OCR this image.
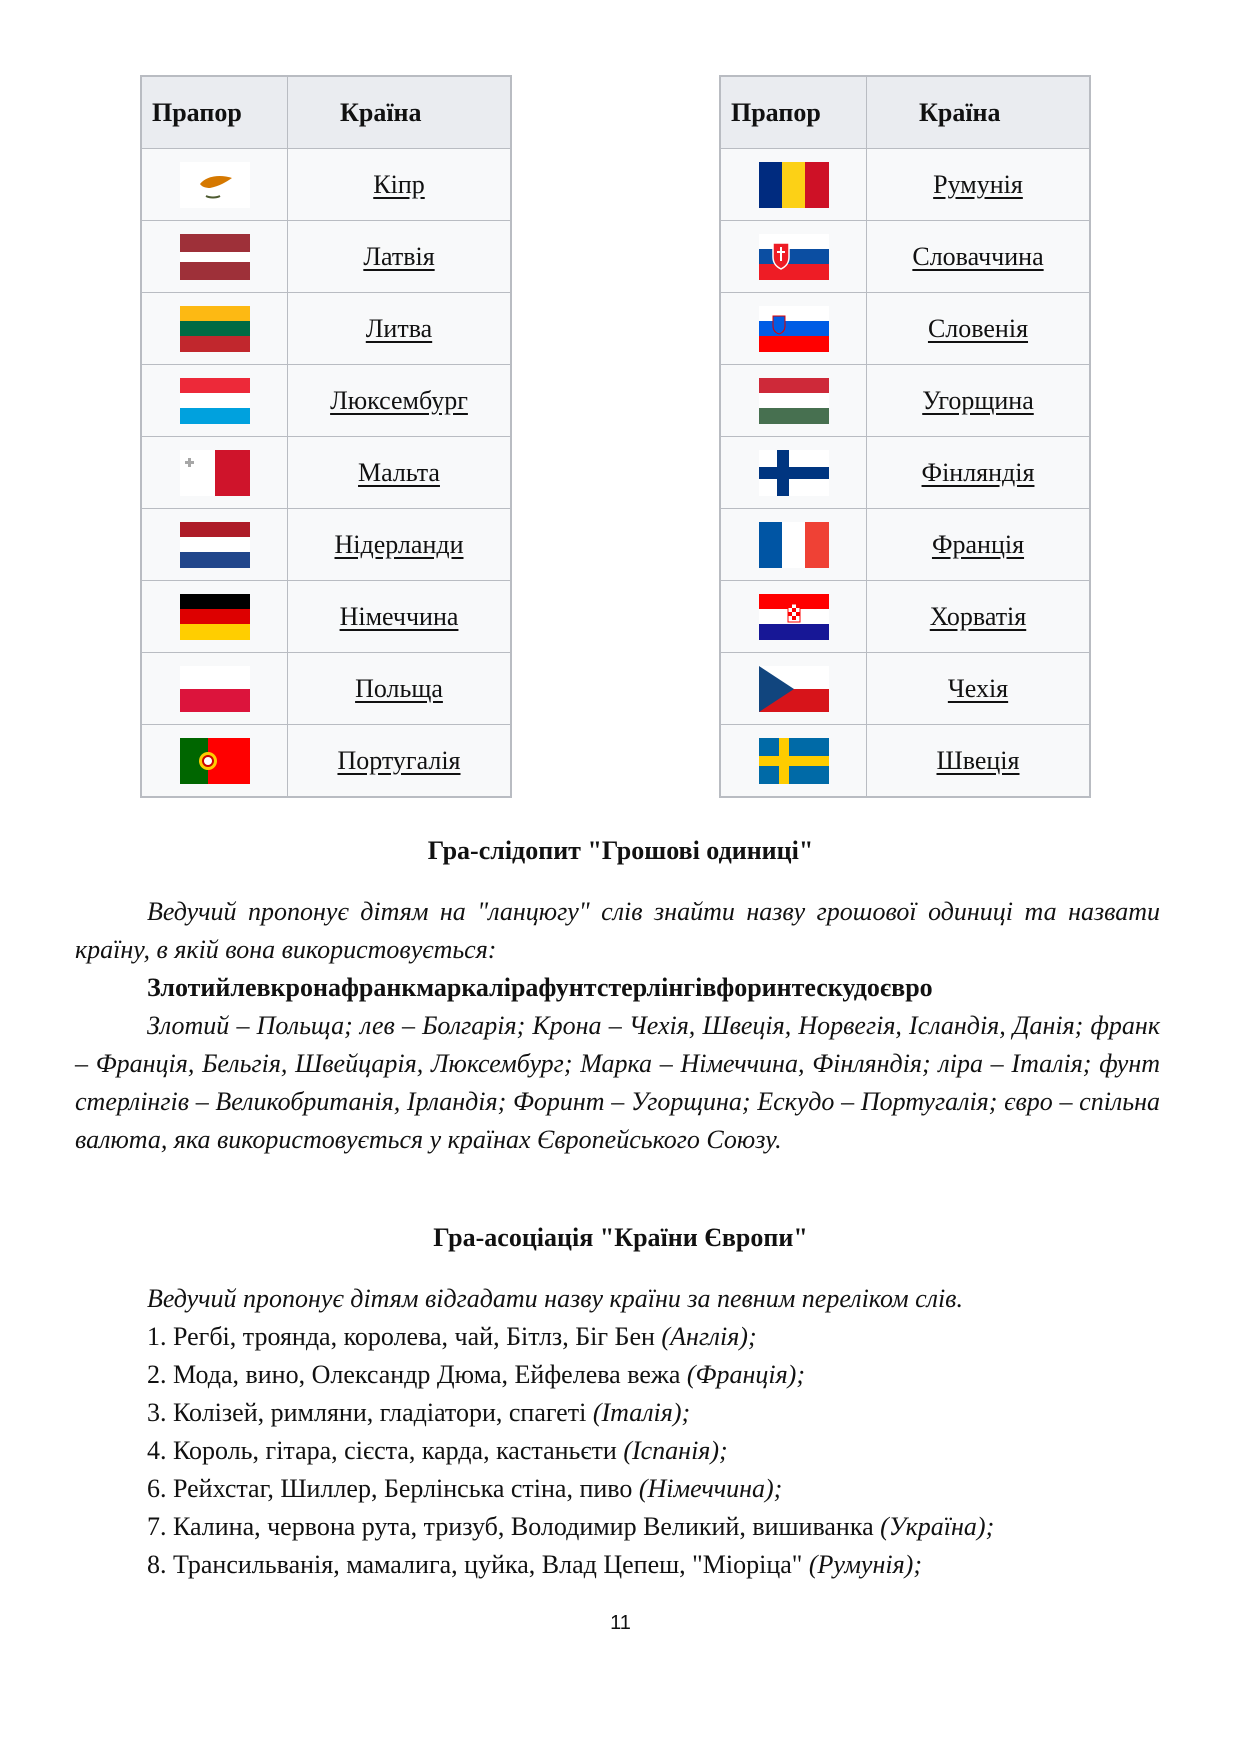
Прапор	Країна

	Кіпр

	Латвія

	Литва

	Люксембург

	Мальта

	Нідерланди

	Німеччина

	Польща

	Португалія
Прапор	Країна

	Румунія

	Словаччина

	Словенія

	Угорщина

	Фінляндія

	Франція

	Хорватія

	Чехія

	Швеція
Гра-слідопит "Грошові одиниці"

Ведучий пропонує дітям на "ланцюгу" слів знайти назву грошової одиниці та назвати країну, в якій вона використовується:

Злотийлевкронафранкмаркаліpафунтстерлінгівфоринтескудоєвро

Злотий – Польща; лев – Болгарія; Крона – Чехія, Швеція, Норвегія, Ісландія, Данія; франк – Франція, Бельгія, Швейцарія, Люксембург; Марка – Німеччина, Фінляндія; ліра – Італія; фунт стерлінгів – Великобританія, Ірландія; Форинт – Угорщина; Ескудо – Португалія; євро – спільна валюта, яка використовується у країнах Європейського Союзу.

Гра-асоціація "Країни Європи"

Ведучий пропонує дітям відгадати назву країни за певним переліком слів.

1. Регбі, троянда, королева, чай, Бітлз, Біг Бен (Англія);

2. Мода, вино, Олександр Дюма, Ейфелева вежа (Франція);

3. Колізей, римляни, гладіатори, спагеті (Італія);

4. Король, гітара, сієста, карда, кастаньєти (Іспанія);

6. Рейхстаг, Шиллер, Берлінська стіна, пиво (Німеччина);

7. Калина, червона рута, тризуб, Володимир Великий, вишиванка (Україна);

8. Трансильванія, мамалига, цуйка, Влад Цепеш, "Міоріца" (Румунія);

11
